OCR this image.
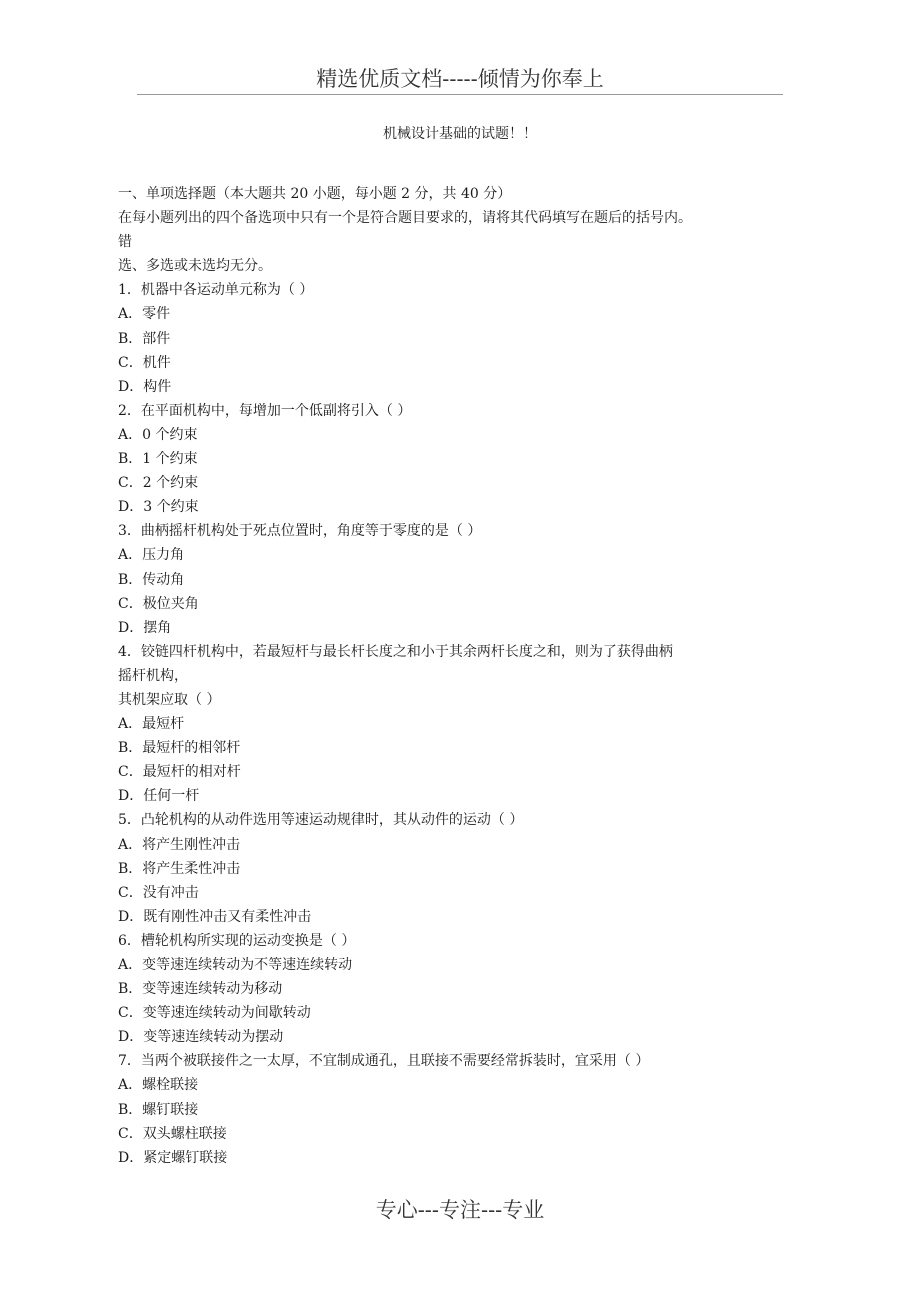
精选优质文档-----倾情为你奉上
机械设计基础的试题！！
一、单项选择题（本大题共 20 小题，每小题 2 分，共 40 分）
在每小题列出的四个备选项中只有一个是符合题目要求的，请将其代码填写在题后的括号内。
错
选、多选或未选均无分。
1．机器中各运动单元称为（ ）
A．零件
B．部件
C．机件
D．构件
2．在平面机构中，每增加一个低副将引入（ ）
A．0 个约束
B．1 个约束
C．2 个约束
D．3 个约束
3．曲柄摇杆机构处于死点位置时，角度等于零度的是（ ）
A．压力角
B．传动角
C．极位夹角
D．摆角
4．铰链四杆机构中，若最短杆与最长杆长度之和小于其余两杆长度之和，则为了获得曲柄
摇杆机构，
其机架应取（ ）
A．最短杆
B．最短杆的相邻杆
C．最短杆的相对杆
D．任何一杆
5．凸轮机构的从动件选用等速运动规律时，其从动件的运动（ ）
A．将产生刚性冲击
B．将产生柔性冲击
C．没有冲击
D．既有刚性冲击又有柔性冲击
6．槽轮机构所实现的运动变换是（ ）
A．变等速连续转动为不等速连续转动
B．变等速连续转动为移动
C．变等速连续转动为间歇转动
D．变等速连续转动为摆动
7．当两个被联接件之一太厚，不宜制成通孔，且联接不需要经常拆装时，宜采用（ ）
A．螺栓联接
B．螺钉联接
C．双头螺柱联接
D．紧定螺钉联接
专心---专注---专业
